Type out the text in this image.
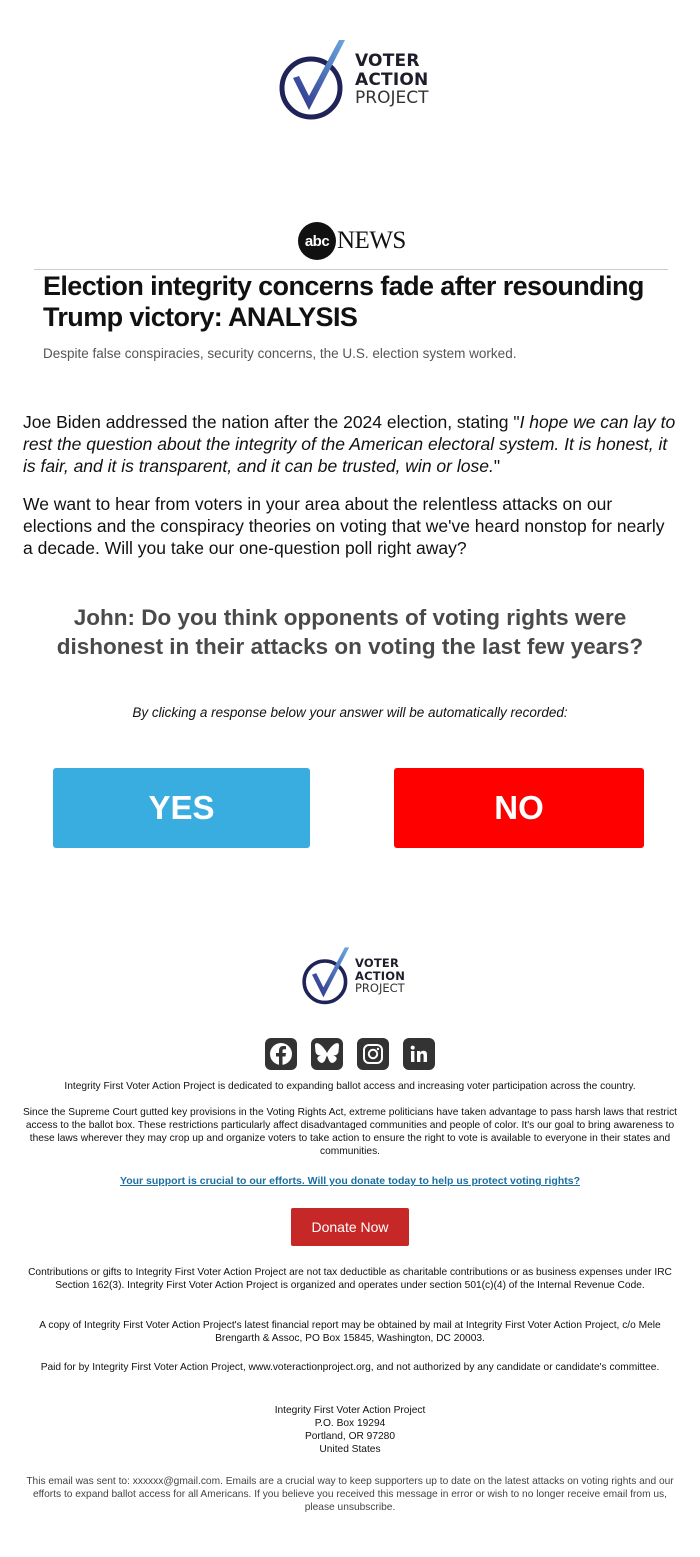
VOTER
ACTION
PROJECT
abc NEWS
Election integrity concerns fade after resounding Trump victory: ANALYSIS
Despite false conspiracies, security concerns, the U.S. election system worked.
Joe Biden addressed the nation after the 2024 election, stating "I hope we can lay to rest the question about the integrity of the American electoral system. It is honest, it is fair, and it is transparent, and it can be trusted, win or lose."
We want to hear from voters in your area about the relentless attacks on our elections and the conspiracy theories on voting that we've heard nonstop for nearly a decade. Will you take our one-question poll right away?
John: Do you think opponents of voting rights were dishonest in their attacks on voting the last few years?
By clicking a response below your answer will be automatically recorded:
YES	NO
VOTER
ACTION
PROJECT
Integrity First Voter Action Project is dedicated to expanding ballot access and increasing voter participation across the country.
Since the Supreme Court gutted key provisions in the Voting Rights Act, extreme politicians have taken advantage to pass harsh laws that restrict access to the ballot box. These restrictions particularly affect disadvantaged communities and people of color. It's our goal to bring awareness to these laws wherever they may crop up and organize voters to take action to ensure the right to vote is available to everyone in their states and communities.
Your support is crucial to our efforts. Will you donate today to help us protect voting rights?
Donate Now
Contributions or gifts to Integrity First Voter Action Project are not tax deductible as charitable contributions or as business expenses under IRC Section 162(3). Integrity First Voter Action Project is organized and operates under section 501(c)(4) of the Internal Revenue Code.
A copy of Integrity First Voter Action Project's latest financial report may be obtained by mail at Integrity First Voter Action Project, c/o Mele Brengarth & Assoc, PO Box 15845, Washington, DC 20003.
Paid for by Integrity First Voter Action Project, www.voteractionproject.org, and not authorized by any candidate or candidate's committee.
Integrity First Voter Action Project
P.O. Box 19294
Portland, OR 97280
United States
This email was sent to: xxxxxx@gmail.com. Emails are a crucial way to keep supporters up to date on the latest attacks on voting rights and our efforts to expand ballot access for all Americans. If you believe you received this message in error or wish to no longer receive email from us, please unsubscribe.
